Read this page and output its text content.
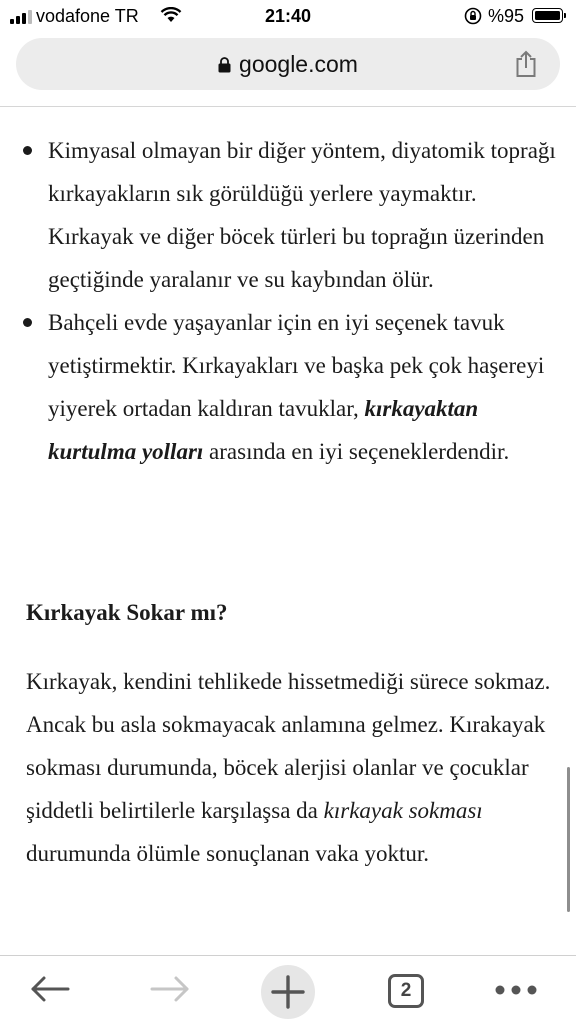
vodafone TR	21:40	%95
google.com
Kimyasal olmayan bir diğer yöntem, diyatomik toprağı kırkayakların sık görüldüğü yerlere yaymaktır. Kırkayak ve diğer böcek türleri bu toprağın üzerinden geçtiğinde yaralanır ve su kaybından ölür.
Bahçeli evde yaşayanlar için en iyi seçenek tavuk yetiştirmektir. Kırkayakları ve başka pek çok haşereyi yiyerek ortadan kaldıran tavuklar, kırkayaktan kurtulma yolları arasında en iyi seçeneklerdendir.
Kırkayak Sokar mı?
Kırkayak, kendini tehlikede hissetmediği sürece sokmaz. Ancak bu asla sokmayacak anlamına gelmez. Kırakayak sokması durumunda, böcek alerjisi olanlar ve çocuklar şiddetli belirtilerle karşılaşsa da kırkayak sokması durumunda ölümle sonuçlanan vaka yoktur.
2
